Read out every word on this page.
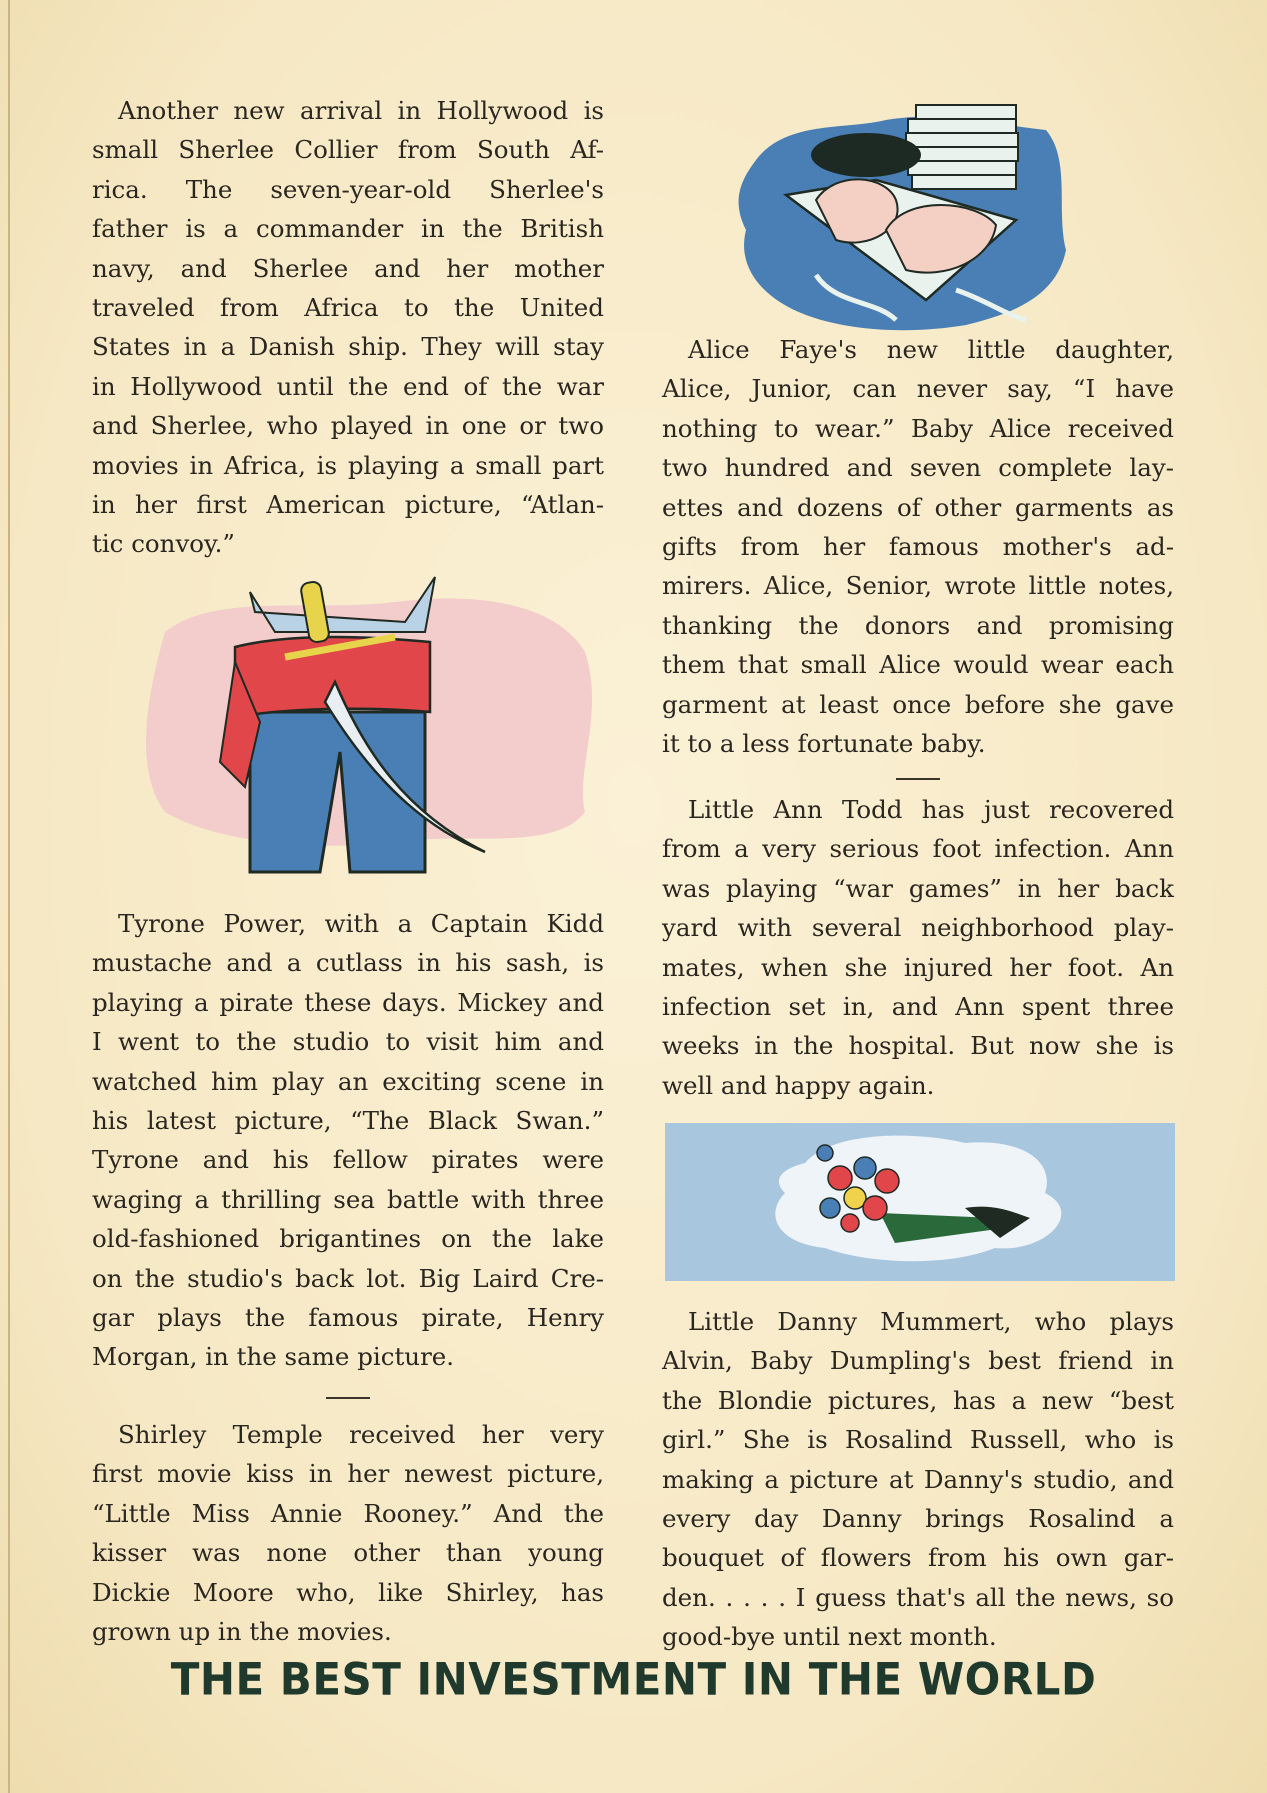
Another new arrival in Hollywood is
small Sherlee Collier from South Af-
rica. The seven-year-old Sherlee's
father is a commander in the British
navy, and Sherlee and her mother
traveled from Africa to the United
States in a Danish ship. They will stay
in Hollywood until the end of the war
and Sherlee, who played in one or two
movies in Africa, is playing a small part
in her first American picture, “Atlan-
tic convoy.”
Tyrone Power, with a Captain Kidd
mustache and a cutlass in his sash, is
playing a pirate these days. Mickey and
I went to the studio to visit him and
watched him play an exciting scene in
his latest picture, “The Black Swan.”
Tyrone and his fellow pirates were
waging a thrilling sea battle with three
old-fashioned brigantines on the lake
on the studio's back lot. Big Laird Cre-
gar plays the famous pirate, Henry
Morgan, in the same picture.
Shirley Temple received her very
first movie kiss in her newest picture,
“Little Miss Annie Rooney.” And the
kisser was none other than young
Dickie Moore who, like Shirley, has
grown up in the movies.
Alice Faye's new little daughter,
Alice, Junior, can never say, “I have
nothing to wear.” Baby Alice received
two hundred and seven complete lay-
ettes and dozens of other garments as
gifts from her famous mother's ad-
mirers. Alice, Senior, wrote little notes,
thanking the donors and promising
them that small Alice would wear each
garment at least once before she gave
it to a less fortunate baby.
Little Ann Todd has just recovered
from a very serious foot infection. Ann
was playing “war games” in her back
yard with several neighborhood play-
mates, when she injured her foot. An
infection set in, and Ann spent three
weeks in the hospital. But now she is
well and happy again.
Little Danny Mummert, who plays
Alvin, Baby Dumpling's best friend in
the Blondie pictures, has a new “best
girl.” She is Rosalind Russell, who is
making a picture at Danny's studio, and
every day Danny brings Rosalind a
bouquet of flowers from his own gar-
den. . . . . I guess that's all the news, so
good-bye until next month.
THE BEST INVESTMENT IN THE WORLD
